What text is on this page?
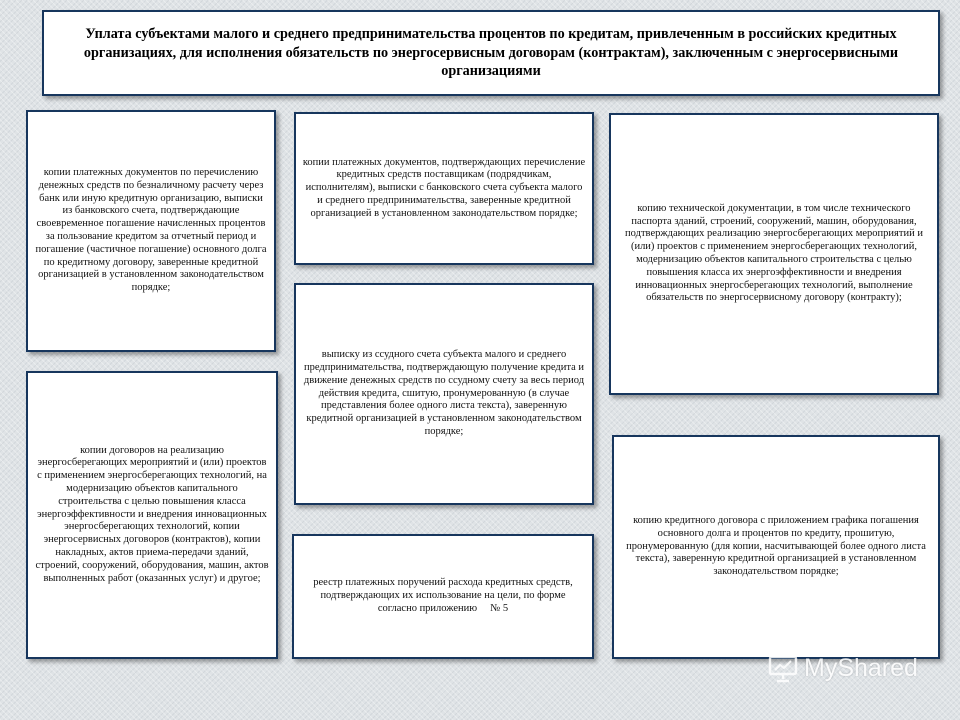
Уплата субъектами малого и среднего предпринимательства процентов по кредитам, привлеченным в российских кредитных организациях, для исполнения обязательств по энергосервисным договорам (контрактам), заключенным с энергосервисными организациями

копии платежных документов по перечислению денежных средств по безналичному расчету через банк или иную кредитную организацию, выписки из банковского счета, подтверждающие своевременное погашение начисленных процентов за пользование кредитом за отчетный период и погашение (частичное погашение) основного долга по кредитному договору, заверенные кредитной организацией в установленном законодательством порядке;

копии договоров на реализацию энергосберегающих мероприятий и (или) проектов с применением энергосберегающих технологий, на модернизацию объектов капитального строительства с целью повышения класса энергоэффективности и внедрения инновационных энергосберегающих технологий, копии энергосервисных договоров (контрактов), копии накладных, актов приема-передачи зданий, строений, сооружений, оборудования, машин, актов выполненных работ (оказанных услуг) и другое;

копии платежных документов, подтверждающих перечисление кредитных средств поставщикам (подрядчикам, исполнителям), выписки с банковского счета субъекта малого и среднего предпринимательства, заверенные кредитной организацией в установленном законодательством порядке;

выписку из ссудного счета субъекта малого и среднего предпринимательства, подтверждающую получение кредита и движение денежных средств по ссудному счету за весь период действия кредита, сшитую, пронумерованную (в случае представления более одного листа текста), заверенную кредитной организацией в установленном законодательством порядке;

реестр платежных поручений расхода кредитных средств, подтверждающих их использование на цели, по форме согласно приложению     № 5

копию технической документации, в том числе технического паспорта зданий, строений, сооружений, машин, оборудования, подтверждающих реализацию энергосберегающих мероприятий и (или) проектов с применением энергосберегающих технологий, модернизацию объектов капитального строительства с целью повышения класса их энергоэффективности и внедрения инновационных энергосберегающих технологий, выполнение обязательств по энергосервисному договору (контракту);

копию кредитного договора с приложением графика погашения основного долга и процентов по кредиту, прошитую, пронумерованную (для копии, насчитывающей более одного листа текста), заверенную кредитной организацией в установленном законодательством порядке;

MyShared
